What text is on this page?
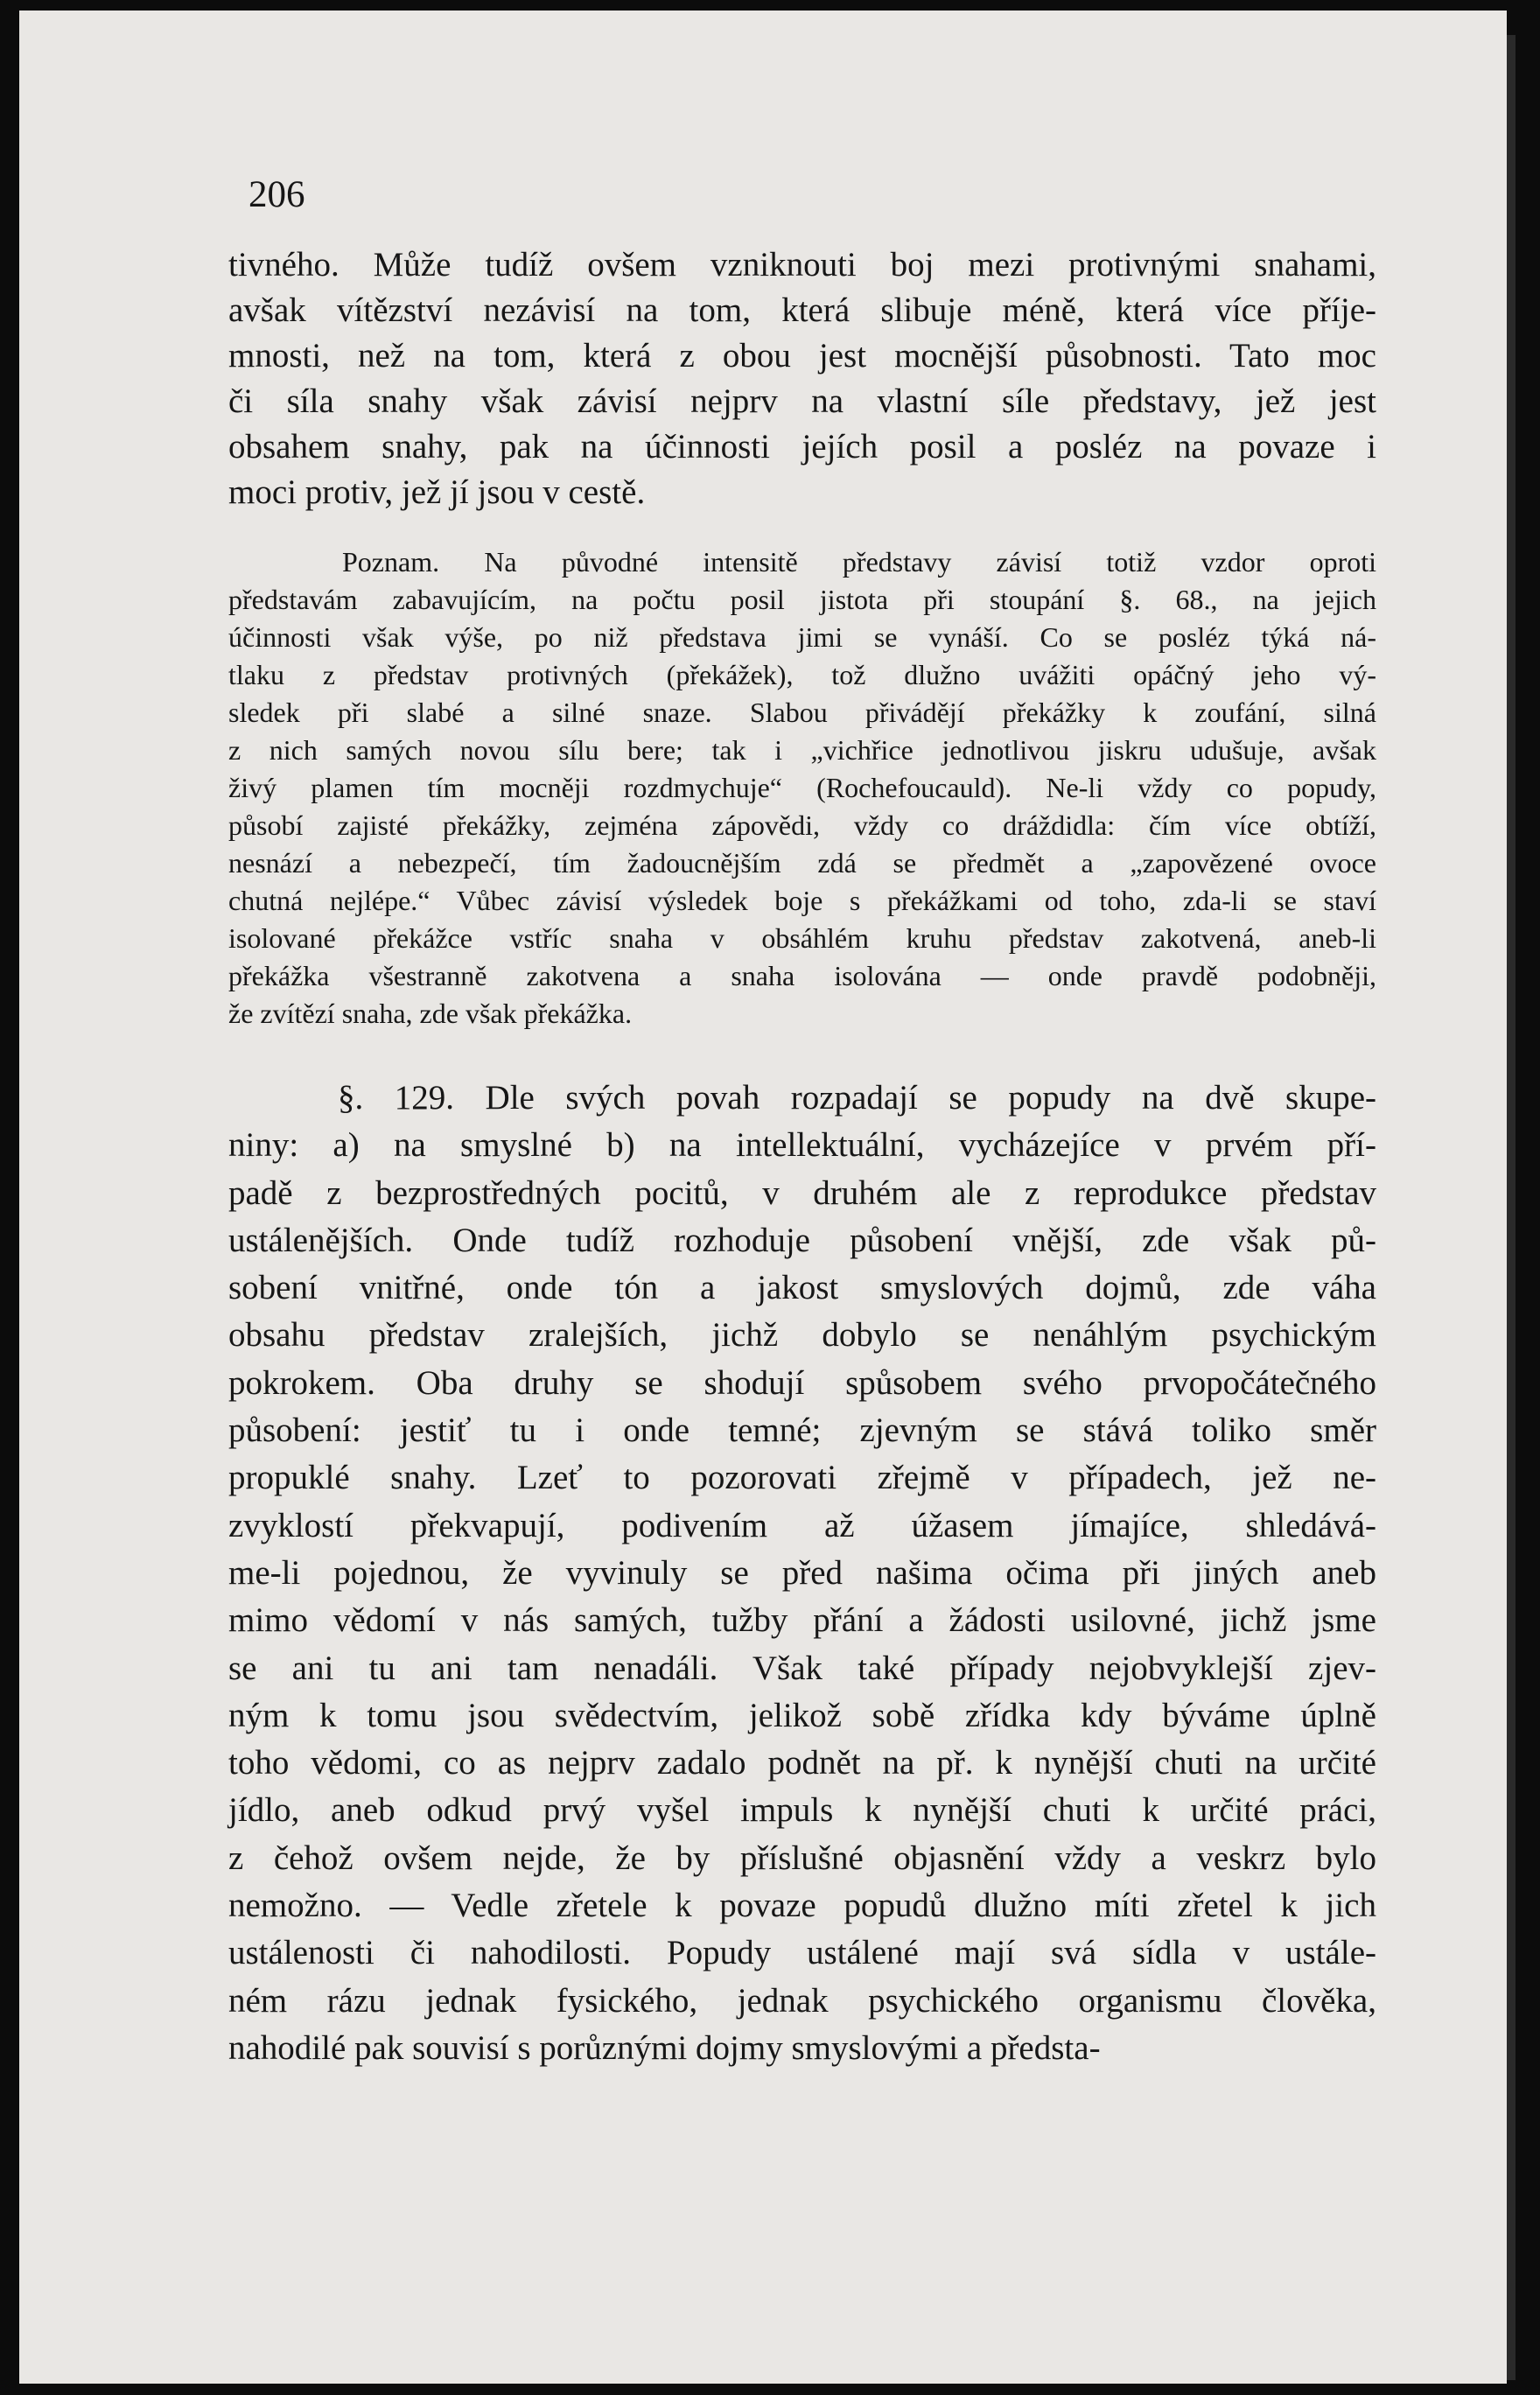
206
tivného. Může tudíž ovšem vzniknouti boj mezi protivnými snahami,
avšak vítězství nezávisí na tom, která slibuje méně, která více příje-
mnosti, než na tom, která z obou jest mocnější působnosti. Tato moc
či síla snahy však závisí nejprv na vlastní síle představy, jež jest
obsahem snahy, pak na účinnosti jejích posil a posléz na povaze i
moci protiv, jež jí jsou v cestě.
Poznam. Na původné intensitě představy závisí totiž vzdor oproti
představám zabavujícím, na počtu posil jistota při stoupání §. 68., na jejich
účinnosti však výše, po niž představa jimi se vynáší. Co se posléz týká ná-
tlaku z představ protivných (překážek), tož dlužno uvážiti opáčný jeho vý-
sledek při slabé a silné snaze. Slabou přivádějí překážky k zoufání, silná
z nich samých novou sílu bere; tak i „vichřice jednotlivou jiskru udušuje, avšak
živý plamen tím mocněji rozdmychuje“ (Rochefoucauld). Ne-li vždy co popudy,
působí zajisté překážky, zejména zápovědi, vždy co dráždidla: čím více obtíží,
nesnází a nebezpečí, tím žadoucnějším zdá se předmět a „zapovězené ovoce
chutná nejlépe.“ Vůbec závisí výsledek boje s překážkami od toho, zda-li se staví
isolované překážce vstříc snaha v obsáhlém kruhu představ zakotvená, aneb-li
překážka všestranně zakotvena a snaha isolována — onde pravdě podobněji,
že zvítězí snaha, zde však překážka.
§. 129. Dle svých povah rozpadají se popudy na dvě skupe-
niny: a) na smyslné b) na intellektuální, vycházejíce v prvém pří-
padě z bezprostředných pocitů, v druhém ale z reprodukce představ
ustálenějších. Onde tudíž rozhoduje působení vnější, zde však pů-
sobení vnitřné, onde tón a jakost smyslových dojmů, zde váha
obsahu představ zralejších, jichž dobylo se nenáhlým psychickým
pokrokem. Oba druhy se shodují spůsobem svého prvopočátečného
působení: jestiť tu i onde temné; zjevným se stává toliko směr
propuklé snahy. Lzeť to pozorovati zřejmě v případech, jež ne-
zvyklostí překvapují, podivením až úžasem jímajíce, shledává-
me-li pojednou, že vyvinuly se před našima očima při jiných aneb
mimo vědomí v nás samých, tužby přání a žádosti usilovné, jichž jsme
se ani tu ani tam nenadáli. Však také případy nejobvyklejší zjev-
ným k tomu jsou svědectvím, jelikož sobě zřídka kdy býváme úplně
toho vědomi, co as nejprv zadalo podnět na př. k nynější chuti na určité
jídlo, aneb odkud prvý vyšel impuls k nynější chuti k určité práci,
z čehož ovšem nejde, že by příslušné objasnění vždy a veskrz bylo
nemožno. — Vedle zřetele k povaze popudů dlužno míti zřetel k jich
ustálenosti či nahodilosti. Popudy ustálené mají svá sídla v ustále-
ném rázu jednak fysického, jednak psychického organismu člověka,
nahodilé pak souvisí s porůznými dojmy smyslovými a předsta-
